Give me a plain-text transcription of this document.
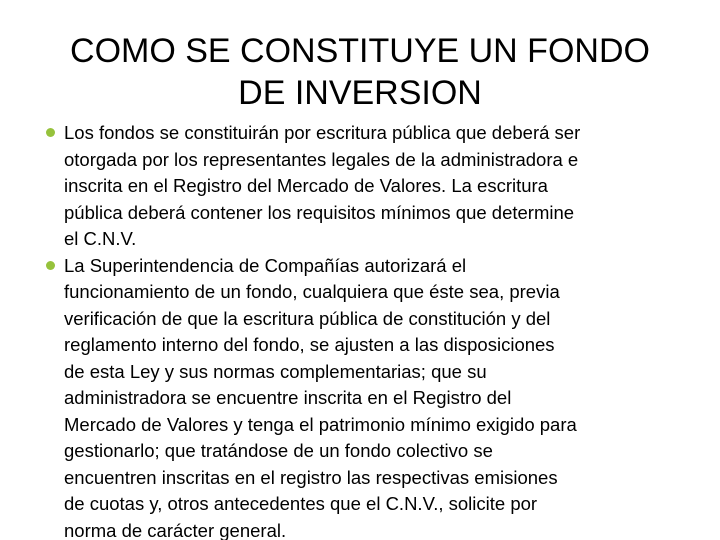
COMO SE CONSTITUYE UN FONDO
DE INVERSION
Los fondos se constituirán por escritura pública que deberá ser
otorgada por los representantes legales de la administradora e
inscrita en el Registro del Mercado de Valores. La escritura
pública deberá contener los requisitos mínimos que determine
el C.N.V.
La Superintendencia de Compañías autorizará el
funcionamiento de un fondo, cualquiera que éste sea, previa
verificación de que la escritura pública de constitución y del
reglamento interno del fondo, se ajusten a las disposiciones
de esta Ley y sus normas complementarias; que su
administradora se encuentre inscrita en el Registro del
Mercado de Valores y tenga el patrimonio mínimo exigido para
gestionarlo; que tratándose de un fondo colectivo se
encuentren inscritas en el registro las respectivas emisiones
de cuotas y, otros antecedentes que el C.N.V., solicite por
norma de carácter general.
